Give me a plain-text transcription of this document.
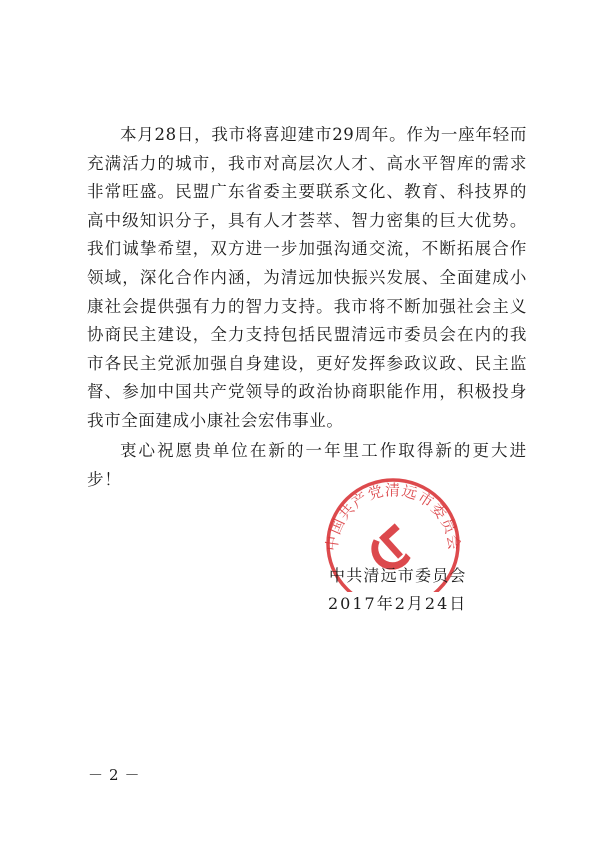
本月28日，我市将喜迎建市29周年。作为一座年轻而充满活力的城市，我市对高层次人才、高水平智库的需求非常旺盛。民盟广东省委主要联系文化、教育、科技界的高中级知识分子，具有人才荟萃、智力密集的巨大优势。我们诚挚希望，双方进一步加强沟通交流，不断拓展合作领域，深化合作内涵，为清远加快振兴发展、全面建成小康社会提供强有力的智力支持。我市将不断加强社会主义协商民主建设，全力支持包括民盟清远市委员会在内的我市各民主党派加强自身建设，更好发挥参政议政、民主监督、参加中国共产党领导的政治协商职能作用，积极投身我市全面建成小康社会宏伟事业。

衷心祝愿贵单位在新的一年里工作取得新的更大进步！

中国共产党清远市委员会
中共清远市委员会
2017年2月24日
－2－
